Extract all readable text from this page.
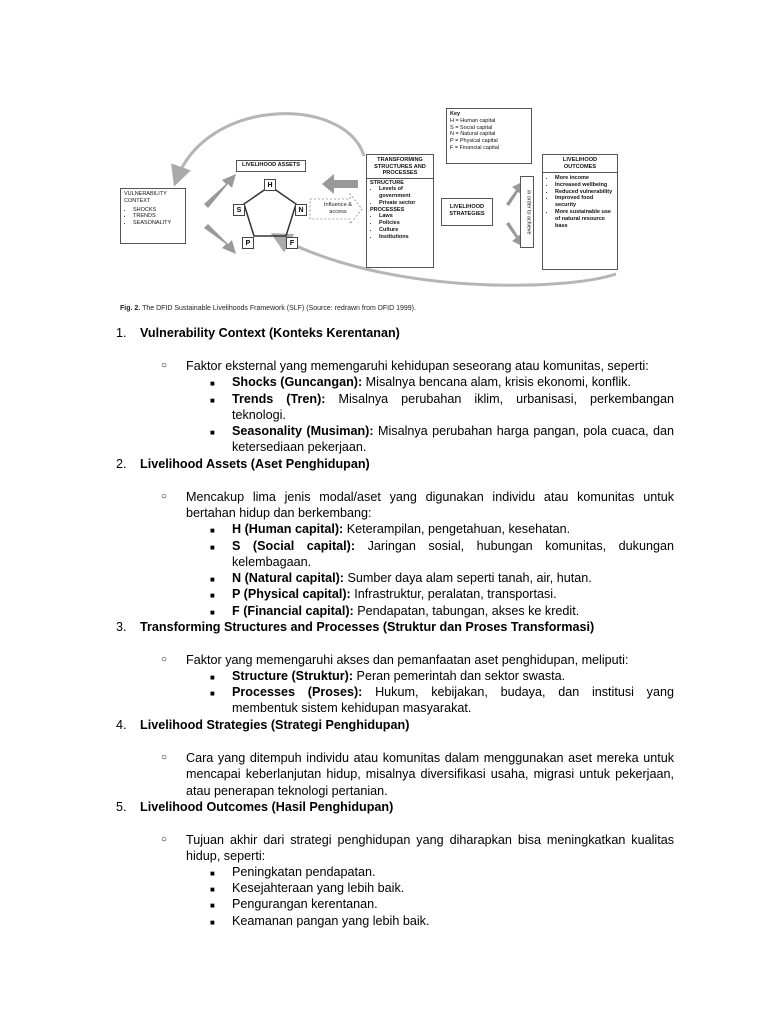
Key
H = Human capital
S = Social capital
N = Natural capital
P = Physical capital
F = Financial capital
VULNERABILITY CONTEXT
• SHOCKS
• TRENDS
• SEASONALITY
LIVELIHOOD ASSETS
H
S	N
P	F
Influence & access
TRANSFORMING STRUCTURES AND PROCESSES
STRUCTURE
• Levels of government
• Private sector
PROCESSES
• Laws
• Policies
• Culture
• Institutions
LIVELIHOOD STRATEGIES	in order to achieve
LIVELIHOOD OUTCOMES
• More income
• Increased wellbeing
• Reduced vulnerability
• Improved food security
• More sustainable use of natural resource base
Fig. 2. The DFID Sustainable Livelihoods Framework (SLF) (Source: redrawn from DFID 1999).
1.	Vulnerability Context (Konteks Kerentanan)
○ Faktor eksternal yang memengaruhi kehidupan seseorang atau komunitas, seperti:
■ Shocks (Guncangan): Misalnya bencana alam, krisis ekonomi, konflik.
■ Trends (Tren): Misalnya perubahan iklim, urbanisasi, perkembangan teknologi.
■ Seasonality (Musiman): Misalnya perubahan harga pangan, pola cuaca, dan ketersediaan pekerjaan.
2.	Livelihood Assets (Aset Penghidupan)
○ Mencakup lima jenis modal/aset yang digunakan individu atau komunitas untuk bertahan hidup dan berkembang:
■ H (Human capital): Keterampilan, pengetahuan, kesehatan.
■ S (Social capital): Jaringan sosial, hubungan komunitas, dukungan kelembagaan.
■ N (Natural capital): Sumber daya alam seperti tanah, air, hutan.
■ P (Physical capital): Infrastruktur, peralatan, transportasi.
■ F (Financial capital): Pendapatan, tabungan, akses ke kredit.
3.	Transforming Structures and Processes (Struktur dan Proses Transformasi)
○ Faktor yang memengaruhi akses dan pemanfaatan aset penghidupan, meliputi:
■ Structure (Struktur): Peran pemerintah dan sektor swasta.
■ Processes (Proses): Hukum, kebijakan, budaya, dan institusi yang membentuk sistem kehidupan masyarakat.
4.	Livelihood Strategies (Strategi Penghidupan)
○ Cara yang ditempuh individu atau komunitas dalam menggunakan aset mereka untuk mencapai keberlanjutan hidup, misalnya diversifikasi usaha, migrasi untuk pekerjaan, atau penerapan teknologi pertanian.
5.	Livelihood Outcomes (Hasil Penghidupan)
○ Tujuan akhir dari strategi penghidupan yang diharapkan bisa meningkatkan kualitas hidup, seperti:
■ Peningkatan pendapatan.
■ Kesejahteraan yang lebih baik.
■ Pengurangan kerentanan.
■ Keamanan pangan yang lebih baik.
